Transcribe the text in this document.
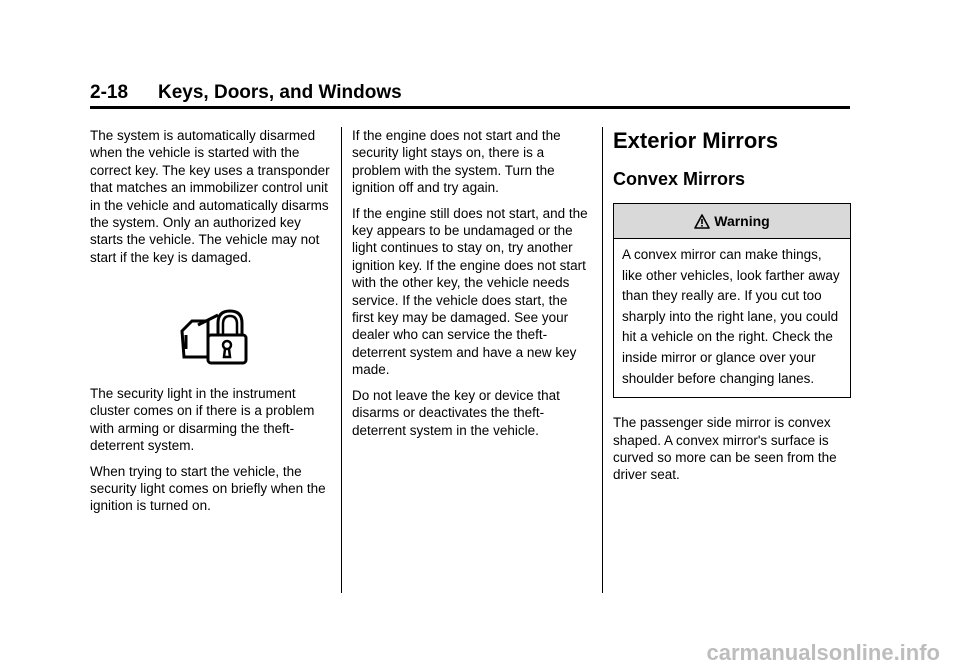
2-18 Keys, Doors, and Windows

The system is automatically disarmed when the vehicle is started with the correct key. The key uses a transponder that matches an immobilizer control unit in the vehicle and automatically disarms the system. Only an authorized key starts the vehicle. The vehicle may not start if the key is damaged.

The security light in the instrument cluster comes on if there is a problem with arming or disarming the theft-deterrent system.

When trying to start the vehicle, the security light comes on briefly when the ignition is turned on.

If the engine does not start and the security light stays on, there is a problem with the system. Turn the ignition off and try again.

If the engine still does not start, and the key appears to be undamaged or the light continues to stay on, try another ignition key. If the engine does not start with the other key, the vehicle needs service. If the vehicle does start, the first key may be damaged. See your dealer who can service the theft-deterrent system and have a new key made.

Do not leave the key or device that disarms or deactivates the theft-deterrent system in the vehicle.

Exterior Mirrors
Convex Mirrors
Warning
A convex mirror can make things, like other vehicles, look farther away than they really are. If you cut too sharply into the right lane, you could hit a vehicle on the right. Check the inside mirror or glance over your shoulder before changing lanes.

The passenger side mirror is convex shaped. A convex mirror's surface is curved so more can be seen from the driver seat.

carmanualsonline.info
